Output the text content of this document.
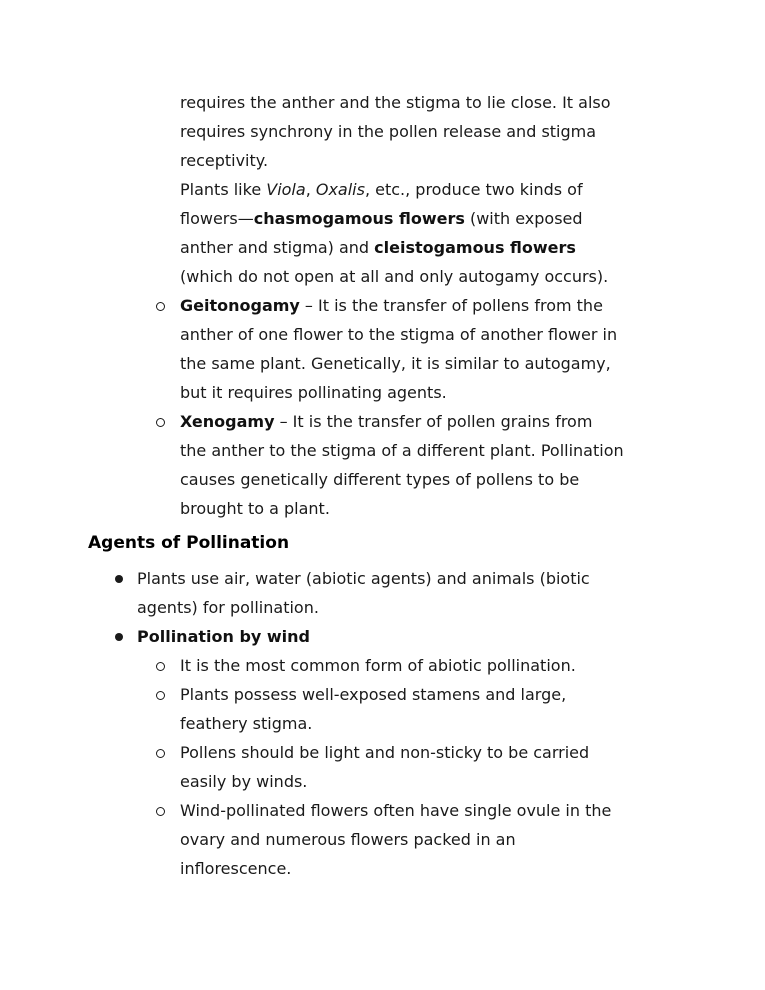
requires the anther and the stigma to lie close. It also
requires synchrony in the pollen release and stigma
receptivity.
Plants like Viola, Oxalis, etc., produce two kinds of
flowers—chasmogamous flowers (with exposed
anther and stigma) and cleistogamous flowers
(which do not open at all and only autogamy occurs).
Geitonogamy – It is the transfer of pollens from the
anther of one flower to the stigma of another flower in
the same plant. Genetically, it is similar to autogamy,
but it requires pollinating agents.
Xenogamy – It is the transfer of pollen grains from
the anther to the stigma of a different plant. Pollination
causes genetically different types of pollens to be
brought to a plant.
Agents of Pollination
Plants use air, water (abiotic agents) and animals (biotic
agents) for pollination.
Pollination by wind
It is the most common form of abiotic pollination.
Plants possess well-exposed stamens and large,
feathery stigma.
Pollens should be light and non-sticky to be carried
easily by winds.
Wind-pollinated flowers often have single ovule in the
ovary and numerous flowers packed in an
inflorescence.
